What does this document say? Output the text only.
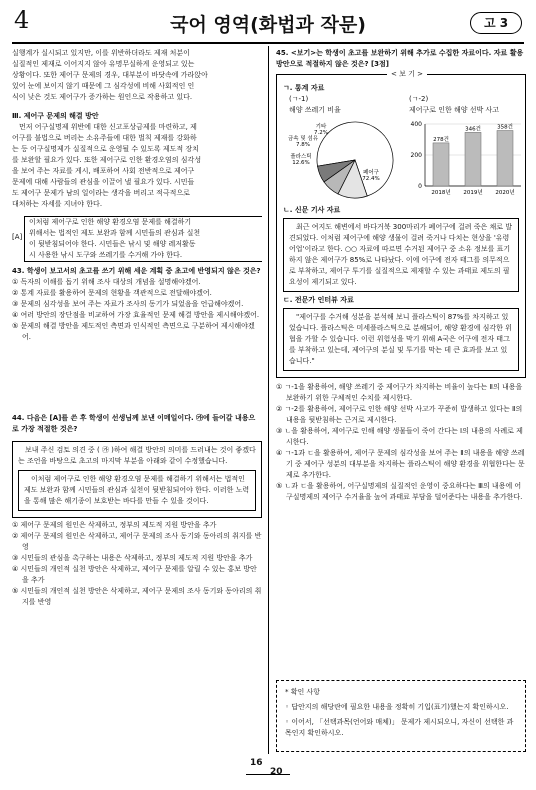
4	국어 영역(화법과 작문)	고 3

실행계가 실시되고 있지만, 이를 위반하더라도 제재 처분이

실질적인 제재로 이어지지 않아 유명무실하게 운영되고 있는

상황이다. 또한 제어구 문제의 경우, 대부분이 바닷속에 가라앉아

있어 눈에 보이지 않기 때문에 그 심각성에 비해 사회적인 인

식이 낮은 것도 제어구가 증가하는 원인으로 작용하고 있다.

Ⅲ. 제어구 문제의 해결 방안

먼저 어구실명제 위반에 대한 신고포상금제를 마련하고, 제

어구를 불법으로 버리는 소유주들에 대한 벌칙 제재를 강화하

는 등 어구실명제가 실질적으로 운영될 수 있도록 제도적 장치

를 보완할 필요가 있다. 또한 제어구로 인한 환경오염의 심각성

을 보여 주는 자료를 게시, 배포하여 사회 전반적으로 제어구

문제에 대해 사람들의 관심을 이끌어 낼 필요가 있다. 시민들

도 제어구 문제가 남의 일이라는 생각을 버리고 적극적으로

대처하는 자세를 지녀야 한다.

[A]

이처럼 제어구로 인한 해양 환경오염 문제를 해결하기

위해서는 법적인 제도 보완과 함께 시민들의 관심과 실천

이 뒷받침되어야 한다. 시민들은 낚시 및 해양 레저활동

시 사용한 낚시 도구와 쓰레기를 수거해 가야 한다.

43. 학생이 보고서의 초고를 쓰기 위해 세운 계획 중 초고에 반영되지 않은 것은?

① 독자의 이해를 돕기 위해 조사 대상의 개념을 설명해야겠어.

② 통계 자료를 활용하여 문제의 현황을 객관적으로 전달해야겠어.

③ 문제의 심각성을 보여 주는 자료가 조사의 동기가 되었음을 언급해야겠어.

④ 여러 방안의 장단점을 비교하여 가장 효율적인 문제 해결 방안을 제시해야겠어.

⑤ 문제의 해결 방안을 제도적인 측면과 인식적인 측면으로 구분하여 제시해야겠어.

44. 다음은 [A]를 쓴 후 학생이 선생님께 보낸 이메일이다. ㉮에 들어갈 내용으로 가장 적절한 것은?

보내 주신 검토 의견 중 ( ㉮ )하여 해결 방안의 의미를 드러내는 것이 좋겠다는 조언을 바탕으로 초고의 마지막 부분을 아래와 같이 수정했습니다.

이처럼 제어구로 인한 해양 환경오염 문제를 해결하기 위해서는 법적인 제도 보완과 함께 시민들의 관심과 실천이 뒷받침되어야 한다. 이러한 노력을 통해 많은 해기종이 보호받는 바다를 만들 수 있을 것이다.

① 제어구 문제의 원인은 삭제하고, 정부의 제도적 지원 방안을 추가

② 제어구 문제의 원인은 삭제하고, 제어구 문제의 조사 동기와 동아리의 취지를 반영

③ 시민들의 관심을 촉구하는 내용은 삭제하고, 정부의 제도적 지원 방안을 추가

④ 시민들의 개인적 실천 방안은 삭제하고, 제어구 문제를 알릴 수 있는 홍보 방안을 추가

⑤ 시민들의 개인적 실천 방안은 삭제하고, 제어구 문제의 조사 동기와 동아리의 취지를 반영

45. <보기>는 학생이 초고를 보완하기 위해 추가로 수집한 자료이다. 자료 활용 방안으로 적절하지 않은 것은? [3점]

< 보 기 >

ㄱ. 통계 자료

(ㄱ-1)

해양 쓰레기 비율

(ㄱ-2)

제어구로 인한 해양 선박 사고

폐어구 72.4%
플라스틱 12.6%
금속 및 섬유 7.8%
기타 7.2%
0
200
400
278건
2018년
346건
2019년
358건
2020년

ㄴ. 신문 기사 자료

최근 여지도 해변에서 바다거북 300마리가 폐어구에 걸려 죽은 채로 발견되었다. 이처럼 제어구에 해양 생물이 걸려 죽거나 다치는 현상을 '유령 어업'이라고 한다. ○○ 자료에 따르면 수거된 제어구 중 소유 정보를 표기하지 않은 제어구가 85%로 나타났다. 이에 어구에 전자 태그를 의무적으로 부착하고, 제어구 투기를 실질적으로 제재할 수 있는 과태료 제도의 필요성이 제기되고 있다.

ㄷ. 전문가 인터뷰 자료

"제어구를 수거해 성분을 분석해 보니 플라스틱이 87%를 차지하고 있었습니다. 플라스틱은 미세플라스틱으로 분해되어, 해양 환경에 심각한 위협을 가할 수 있습니다. 이런 위험성을 막기 위해 A국은 어구에 전자 태그를 부착하고 있는데, 제어구의 분실 및 투기를 막는 데 큰 효과를 보고 있습니다."

① ㄱ-1을 활용하여, 해양 쓰레기 중 제어구가 차지하는 비율이 높다는 Ⅱ의 내용을 보완하기 위한 구체적인 수치를 제시한다.

② ㄱ-2를 활용하여, 제어구로 인한 해양 선박 사고가 꾸준히 발생하고 있다는 Ⅱ의 내용을 뒷받침하는 근거로 제시한다.

③ ㄴ을 활용하여, 제어구로 인해 해양 생물들이 죽어 간다는 Ⅰ의 내용의 사례로 제시한다.

④ ㄱ-1과 ㄷ을 활용하여, 제어구 문제의 심각성을 보여 주는 Ⅱ의 내용을 해양 쓰레기 중 제어구 성분의 대부분을 차지하는 플라스틱이 해양 환경을 위협한다는 문제로 추가한다.

⑤ ㄴ과 ㄷ을 활용하여, 어구실명제의 실질적인 운영이 중요하다는 Ⅲ의 내용에 어구실명제의 제어구 수거율을 높여 과태료 부담을 덜어준다는 내용을 추가한다.

* 확인 사항

◦ 답안지의 해당란에 필요한 내용을 정확히 기입(표기)했는지 확인하시오.

◦ 이어서, 「선택과목(언어와 매체)」 문제가 제시되오니, 자신이 선택한 과목인지 확인하시오.

16
20
